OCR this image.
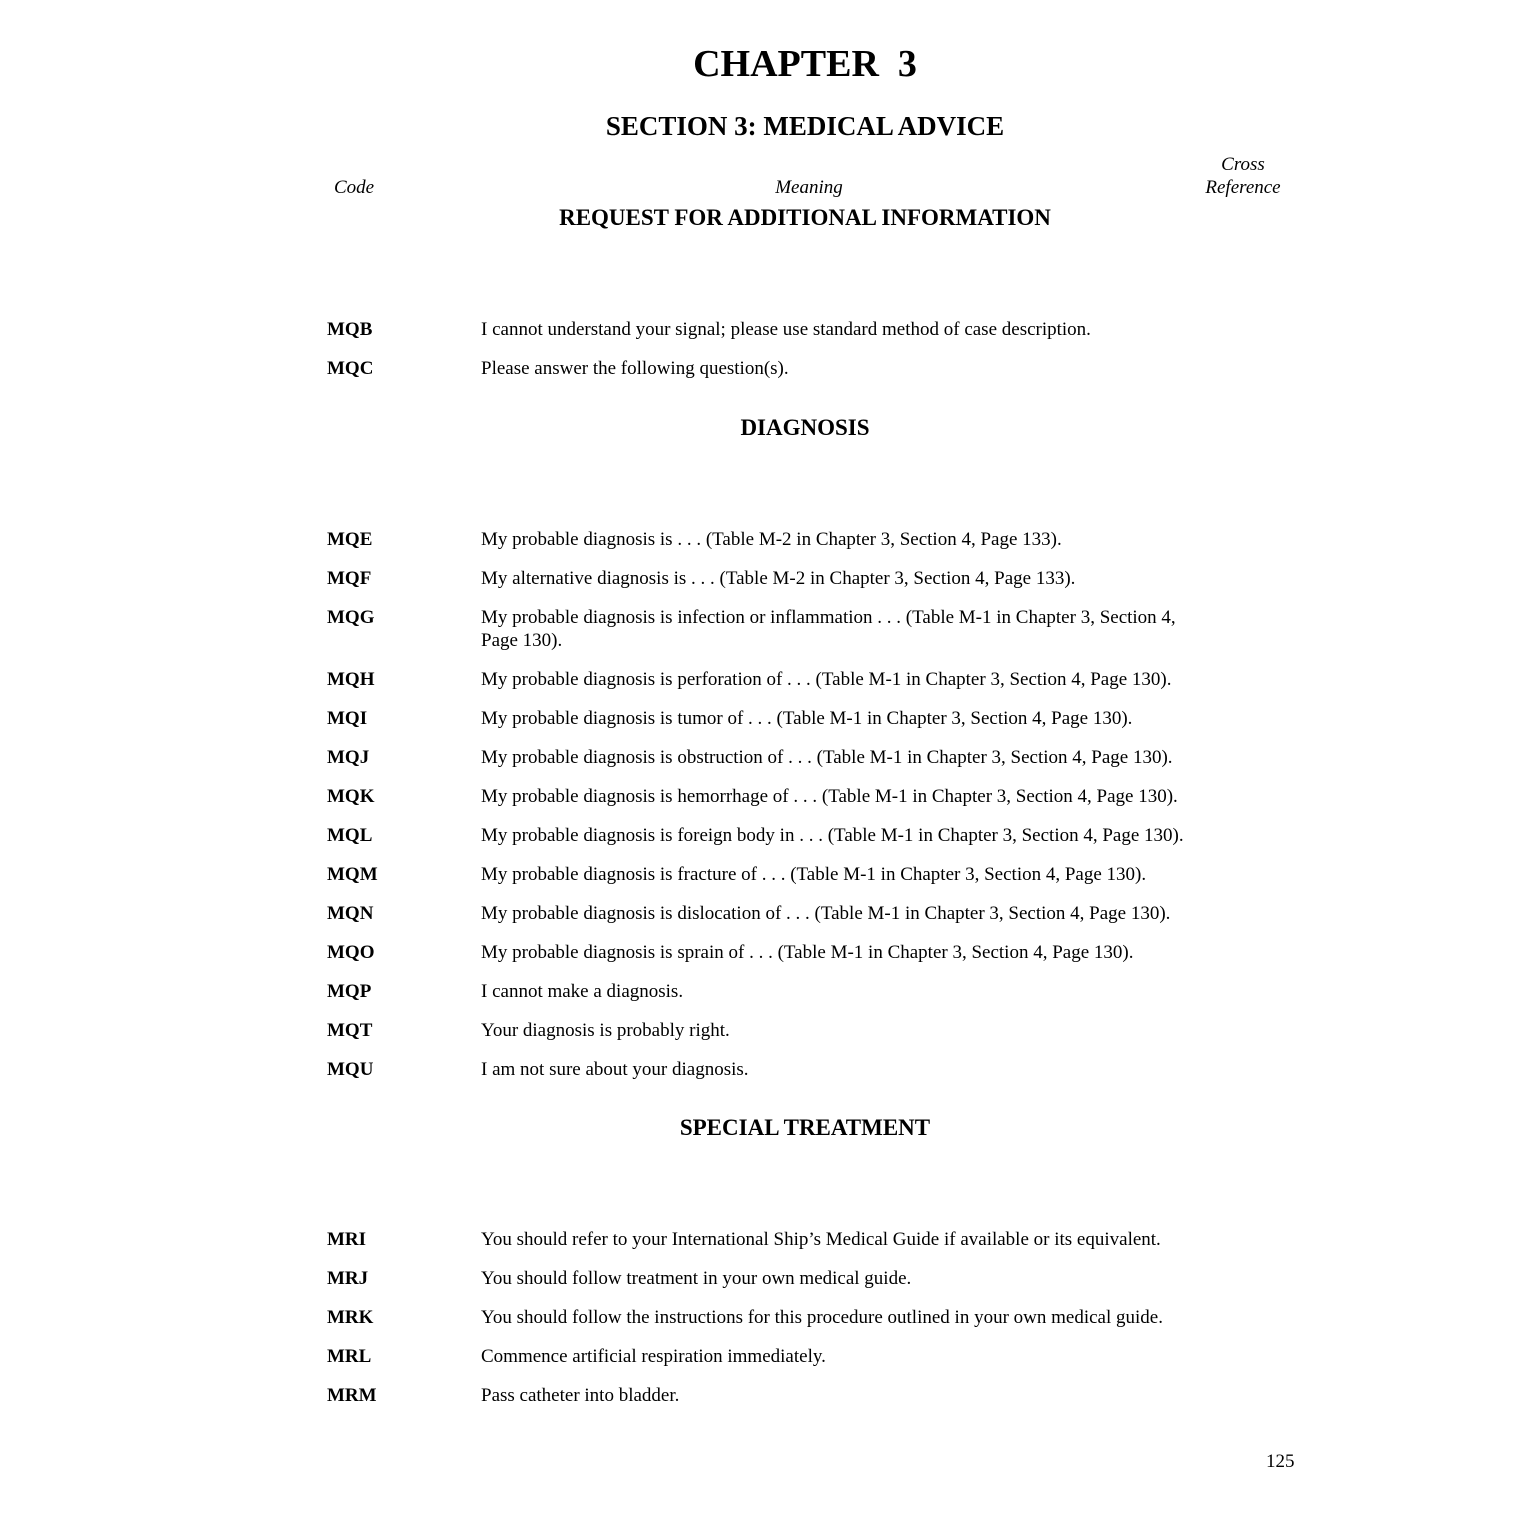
CHAPTER  3
SECTION 3: MEDICAL ADVICE
Code	Meaning
Cross
Reference
REQUEST FOR ADDITIONAL INFORMATION
MQB	I cannot understand your signal; please use standard method of case description.
MQC	Please answer the following question(s).
DIAGNOSIS
MQE	My probable diagnosis is . . . (Table M-2 in Chapter 3, Section 4, Page 133).
MQF	My alternative diagnosis is . . . (Table M-2 in Chapter 3, Section 4, Page 133).
MQG	My probable diagnosis is infection or inflammation . . . (Table M-1 in Chapter 3, Section 4, Page 130).
MQH	My probable diagnosis is perforation of . . . (Table M-1 in Chapter 3, Section 4, Page 130).
MQI	My probable diagnosis is tumor of . . . (Table M-1 in Chapter 3, Section 4, Page 130).
MQJ	My probable diagnosis is obstruction of . . . (Table M-1 in Chapter 3, Section 4, Page 130).
MQK	My probable diagnosis is hemorrhage of . . . (Table M-1 in Chapter 3, Section 4, Page 130).
MQL	My probable diagnosis is foreign body in . . . (Table M-1 in Chapter 3, Section 4, Page 130).
MQM	My probable diagnosis is fracture of . . . (Table M-1 in Chapter 3, Section 4, Page 130).
MQN	My probable diagnosis is dislocation of . . . (Table M-1 in Chapter 3, Section 4, Page 130).
MQO	My probable diagnosis is sprain of . . . (Table M-1 in Chapter 3, Section 4, Page 130).
MQP	I cannot make a diagnosis.
MQT	Your diagnosis is probably right.
MQU	I am not sure about your diagnosis.
SPECIAL TREATMENT
MRI	You should refer to your International Ship’s Medical Guide if available or its equivalent.
MRJ	You should follow treatment in your own medical guide.
MRK	You should follow the instructions for this procedure outlined in your own medical guide.
MRL	Commence artificial respiration immediately.
MRM	Pass catheter into bladder.
125
